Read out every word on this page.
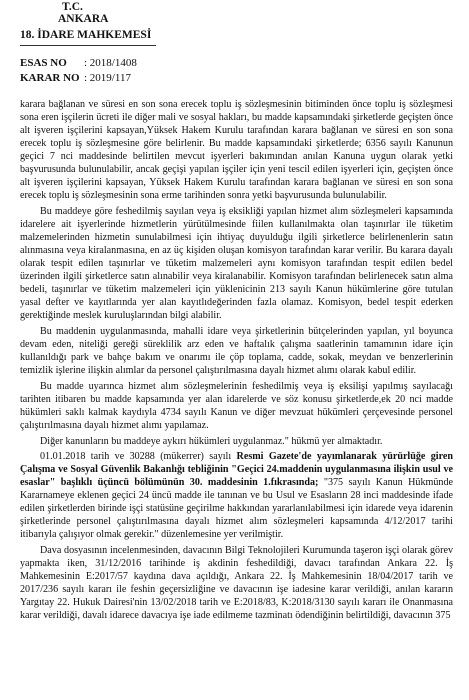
T.C.
ANKARA
18. İDARE MAHKEMESİ
ESAS NO	: 2018/1408
KARAR NO : 2019/117

karara bağlanan ve süresi en son sona erecek toplu iş sözleşmesinin bitiminden önce toplu iş sözleşmesi sona eren işçilerin ücreti ile diğer mali ve sosyal hakları, bu madde kapsamındaki şirketlerde geçişten önce alt işveren işçilerini kapsayan,Yüksek Hakem Kurulu tarafından karara bağlanan ve süresi en son sona erecek toplu iş sözleşmesine göre belirlenir. Bu madde kapsamındaki şirketlerde; 6356 sayılı Kanunun geçici 7 nci maddesinde belirtilen mevcut işyerleri bakımından anılan Kanuna uygun olarak yetki başvurusunda bulunulabilir, ancak geçişi yapılan işçiler için yeni tescil edilen işyerleri için, geçişten önce alt işveren işçilerini kapsayan, Yüksek Hakem Kurulu tarafından karara bağlanan ve süresi en son sona erecek toplu iş sözleşmesinin sona erme tarihinden sonra yetki başvurusunda bulunulabilir.

Bu maddeye göre feshedilmiş sayılan veya iş eksikliği yapılan hizmet alım sözleşmeleri kapsamında idarelere ait işyerlerinde hizmetlerin yürütülmesinde fiilen kullanılmakta olan taşınırlar ile tüketim malzemelerinden hizmetin sunulabilmesi için ihtiyaç duyulduğu ilgili şirketlerce belirlenenlerin satın alınmasına veya kiralanmasına, en az üç kişiden oluşan komisyon tarafından karar verilir. Bu karara dayalı olarak tespit edilen taşınırlar ve tüketim malzemeleri aynı komisyon tarafından tespit edilen bedel üzerinden ilgili şirketlerce satın alınabilir veya kiralanabilir. Komisyon tarafından belirlenecek satın alma bedeli, taşınırlar ve tüketim malzemeleri için yüklenicinin 213 sayılı Kanun hükümlerine göre tutulan yasal defter ve kayıtlarında yer alan kayıtlıdeğerinden fazla olamaz. Komisyon, bedel tespit ederken gerektiğinde meslek kuruluşlarından bilgi alabilir.

Bu maddenin uygulanmasında, mahalli idare veya şirketlerinin bütçelerinden yapılan, yıl boyunca devam eden, niteliği gereği süreklilik arz eden ve haftalık çalışma saatlerinin tamamının idare için kullanıldığı park ve bahçe bakım ve onarımı ile çöp toplama, cadde, sokak, meydan ve benzerlerinin temizlik işlerine ilişkin alımlar da personel çalıştırılmasına dayalı hizmet alımı olarak kabul edilir.

Bu madde uyarınca hizmet alım sözleşmelerinin feshedilmiş veya iş eksilişi yapılmış sayılacağı tarihten itibaren bu madde kapsamında yer alan idarelerde ve söz konusu şirketlerde,ek 20 nci madde hükümleri saklı kalmak kaydıyla 4734 sayılı Kanun ve diğer mevzuat hükümleri çerçevesinde personel çalıştırılmasına dayalı hizmet alımı yapılamaz.

Diğer kanunların bu maddeye aykırı hükümleri uygulanmaz." hükmü yer almaktadır.

01.01.2018 tarih ve 30288 (mükerrer) sayılı Resmi Gazete'de yayımlanarak yürürlüğe giren Çalışma ve Sosyal Güvenlik Bakanlığı tebliğinin "Geçici 24.maddenin uygulanmasına ilişkin usul ve esaslar" başlıklı üçüncü bölümünün 30. maddesinin 1.fıkrasında; "375 sayılı Kanun Hükmünde Kararnameye eklenen geçici 24 üncü madde ile tanınan ve bu Usul ve Esasların 28 inci maddesinde ifade edilen şirketlerden birinde işçi statüsüne geçirilme hakkından yararlanılabilmesi için idarede veya idarenin şirketlerinde personel çalıştırılmasına dayalı hizmet alım sözleşmeleri kapsamında 4/12/2017 tarihi itibarıyla çalışıyor olmak gerekir." düzenlemesine yer verilmiştir.

Dava dosyasının incelenmesinden, davacının Bilgi Teknolojileri Kurumunda taşeron işçi olarak görev yapmakta iken, 31/12/2016 tarihinde iş akdinin feshedildiği, davacı tarafından Ankara 22. İş Mahkemesinin E:2017/57 kaydına dava açıldığı, Ankara 22. İş Mahkemesinin 18/04/2017 tarih ve 2017/236 sayılı kararı ile feshin geçersizliğine ve davacının işe iadesine karar verildiği, anılan kararın Yargıtay 22. Hukuk Dairesi'nin 13/02/2018 tarih ve E:2018/83, K:2018/3130 sayılı kararı ile Onanmasına karar verildiği, davalı idarece davacıya işe iade edilmeme tazminatı ödendiğinin belirtildiği, davacının 375
